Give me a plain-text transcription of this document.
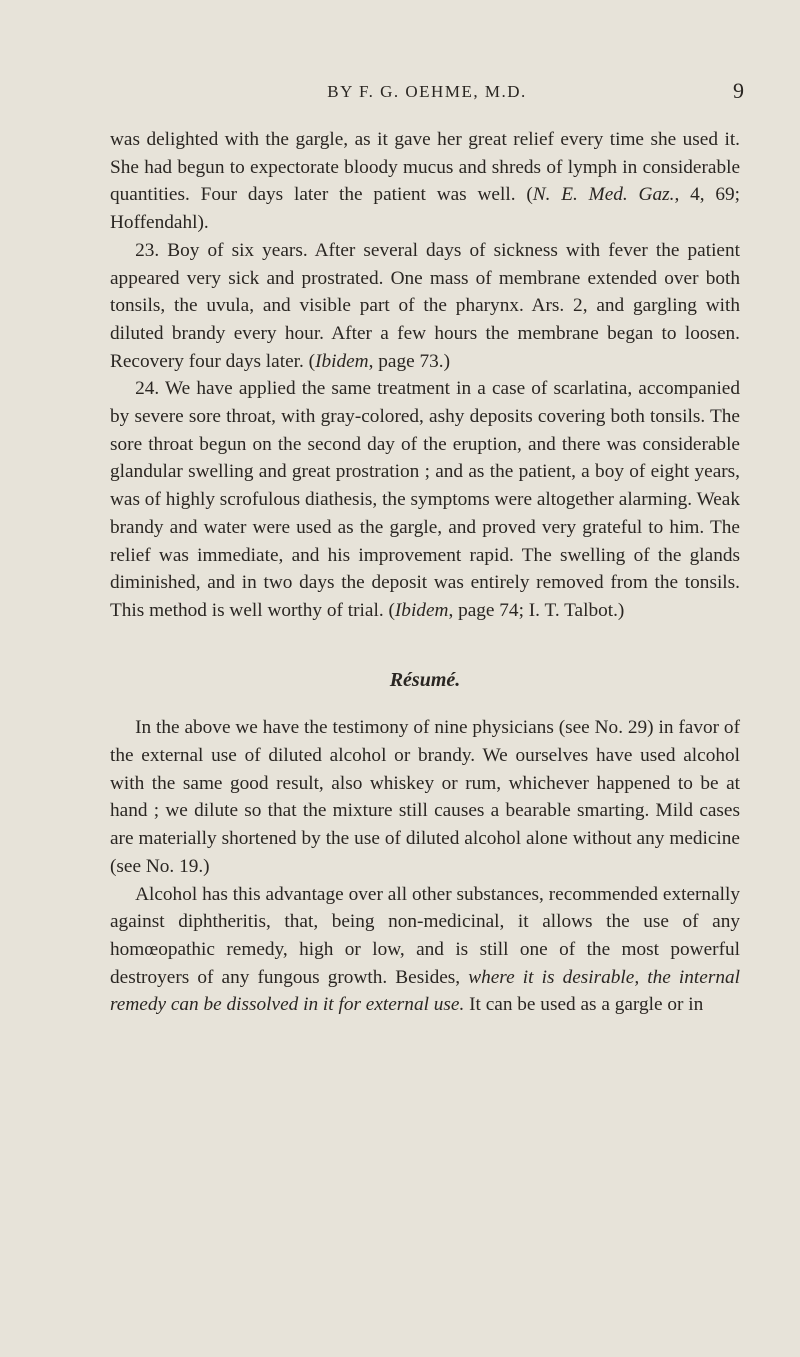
BY F. G. OEHME, M.D.	9

was delighted with the gargle, as it gave her great relief every time she used it. She had begun to expectorate bloody mucus and shreds of lymph in considerable quantities. Four days later the patient was well. (N. E. Med. Gaz., 4, 69; Hoffendahl).

23. Boy of six years. After several days of sickness with fever the patient appeared very sick and prostrated. One mass of membrane extended over both tonsils, the uvula, and visible part of the pharynx. Ars. 2, and gargling with diluted brandy every hour. After a few hours the membrane began to loosen. Recovery four days later. (Ibidem, page 73.)

24. We have applied the same treatment in a case of scarlatina, accompanied by severe sore throat, with gray-colored, ashy deposits covering both tonsils. The sore throat begun on the second day of the eruption, and there was considerable glandular swelling and great prostration ; and as the patient, a boy of eight years, was of highly scrofulous diathesis, the symptoms were altogether alarming. Weak brandy and water were used as the gargle, and proved very grateful to him. The relief was immediate, and his improvement rapid. The swelling of the glands diminished, and in two days the deposit was entirely removed from the tonsils. This method is well worthy of trial. (Ibidem, page 74; I. T. Talbot.)

Résumé.

In the above we have the testimony of nine physicians (see No. 29) in favor of the external use of diluted alcohol or brandy. We ourselves have used alcohol with the same good result, also whiskey or rum, whichever happened to be at hand ; we dilute so that the mixture still causes a bearable smarting. Mild cases are materially shortened by the use of diluted alcohol alone without any medicine (see No. 19.)

Alcohol has this advantage over all other substances, recommended externally against diphtheritis, that, being non-medicinal, it allows the use of any homœopathic remedy, high or low, and is still one of the most powerful destroyers of any fungous growth. Besides, where it is desirable, the internal remedy can be dissolved in it for external use. It can be used as a gargle or in
